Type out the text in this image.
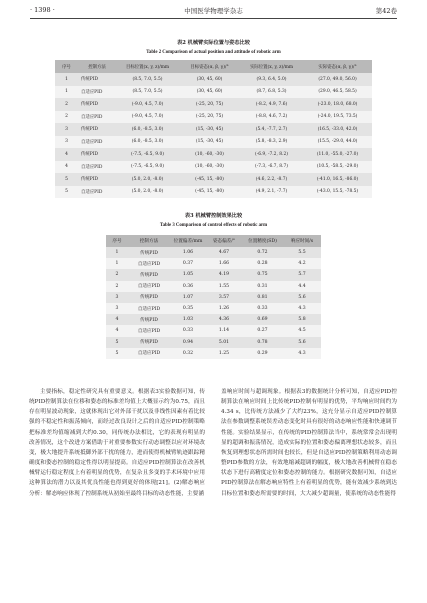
· 1398 ·	中国医学物理学杂志	第42卷
表2 机械臂实际位置与姿态比较
Table 2 Comparison of actual position and attitude of robotic arm
序号	控制方法	目标位置(x, y, z)/mm	目标姿态(α, β, γ)/°	实际位置(x, y, z)/mm	实际姿态(α, β, γ)/°
1	传统PID	(8.5, 7.0, 5.5)	(30, 45, 60)	(9.3, 6.4, 5.0)	(27.0, 49.0, 56.0)
1	自适应PID	(8.5, 7.0, 5.5)	(30, 45, 60)	(8.7, 6.8, 5.3)	(29.0, 46.5, 58.5)
2	传统PID	(-9.0, 4.5, 7.0)	(-25, 20, 75)	(-8.2, 4.9, 7.6)	(-23.0, 18.0, 68.0)
2	自适应PID	(-9.0, 4.5, 7.0)	(-25, 20, 75)	(-8.8, 4.6, 7.2)	(-24.0, 19.5, 73.5)
3	传统PID	(6.0, -8.5, 3.0)	(15, -30, 45)	(5.4, -7.7, 2.7)	(16.5, -33.0, 42.0)
3	自适应PID	(6.0, -8.5, 3.0)	(15, -30, 45)	(5.8, -8.3, 2.9)	(15.5, -29.0, 44.0)
4	传统PID	(-7.5, -6.5, 9.0)	(10, -60, -30)	(-6.9, -7.2, 8.2)	(11.0, -55.0, -27.0)
4	自适应PID	(-7.5, -6.5, 9.0)	(10, -60, -30)	(-7.3, -6.7, 8.7)	(10.5, -58.5, -29.0)
5	传统PID	(5.0, 2.0, -8.0)	(-45, 15, -80)	(4.6, 2.2, -8.7)	(-41.0, 16.5, -86.0)
5	自适应PID	(5.0, 2.0, -8.0)	(-45, 15, -80)	(4.9, 2.1, -7.7)	(-43.0, 15.5, -78.5)
表3 机械臂控制效果比较
Table 3 Comparison of control effects of robotic arm
序号	控制方法	位置偏差/mm	姿态偏差/°	位置精度(SD)	响应时间/s
1	传统PID	1.06	4.67	0.72	5.5
1	自适应PID	0.37	1.66	0.28	4.2
2	传统PID	1.05	4.19	0.75	5.7
2	自适应PID	0.36	1.55	0.31	4.4
3	传统PID	1.07	3.57	0.81	5.6
3	自适应PID	0.35	1.26	0.33	4.3
4	传统PID	1.03	4.36	0.69	5.8
4	自适应PID	0.33	1.14	0.27	4.5
5	传统PID	0.94	5.01	0.78	5.6
5	自适应PID	0.32	1.25	0.29	4.3

主要指标，稳定性研究具有重要意义。根据表3实验数据可知，传统PID控制算法在位移和姿态的标准差均值上大概显示约为0.75，而且存在明显波动现象，这就体现出它对外部干扰以及非线性因素有着比较强的不稳定性和振荡倾向，而经过改良设计之后的自适应PID控制策略把标准差均值缩减到大约0.30，同传统办法相比，它的表现有明显的改善情况，这个改进方案借助于对重要参数实行动态调整以应对环境改变，极大地提升系统抵御外部干扰的能力，进而使得机械臂轨迹跟踪精确度和姿态控制的稳定性得以明显提高。自适应PID控制算法在改善机械臂运行稳定程度上有着明显的优势，在复杂且多变的手术环境中应用这种算法的潜力以及其优良性能也得到更好的体现[21]。(2)解态响应分析：解态响应体现了控制系统从初始至最终目标的动态性能，主要涵

盖响应时间与超调现象。根据表3的数据统计分析可知，自适应PID控制算法在响应时间上比传统PID控制有明显的优势，平均响应时间约为4.34 s，比传统方法减少了大约23%，这充分显示自适应PID控制算法在参数调整系统误差动态变化时具有很好的动态响应性能和快速调节性能。实验结果显示，在传统的PID控制算法当中，系统常常会出现明显的超调和振荡情况，造成实际的位置和姿态偏离理想状态较多，而且恢复到理想状态所需时间也较长，但是自适应PID控制策略利用动态调整PID参数的方法，有效地缩减超调的幅度，极大地改善机械臂在稳态状态下进行高精度定位和姿态控制的能力。根据研究数据可知，自适应PID控制算法在解态响应特性上有着明显的优势，能有效减少系统到达目标位置和姿态所需要的时间，大大减少超调量，使系统的动态性能得
